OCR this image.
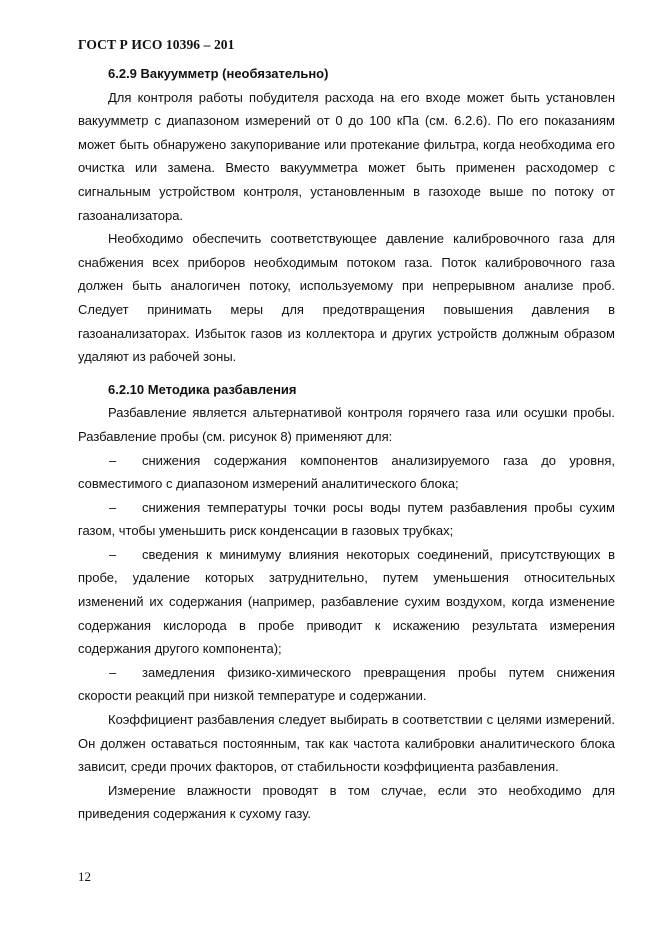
ГОСТ Р ИСО 10396 – 201

6.2.9 Вакуумметр (необязательно)

Для контроля работы побудителя расхода на его входе может быть установлен вакуумметр с диапазоном измерений от 0 до 100 кПа (см. 6.2.6). По его показаниям может быть обнаружено закупоривание или протекание фильтра, когда необходима его очистка или замена. Вместо вакуумметра может быть применен расходомер с сигнальным устройством контроля, установленным в газоходе выше по потоку от газоанализатора.

Необходимо обеспечить соответствующее давление калибровочного газа для снабжения всех приборов необходимым потоком газа. Поток калибровочного газа должен быть аналогичен потоку, используемому при непрерывном анализе проб. Следует принимать меры для предотвращения повышения давления в газоанализаторах. Избыток газов из коллектора и других устройств должным образом удаляют из рабочей зоны.

6.2.10 Методика разбавления

Разбавление является альтернативой контроля горячего газа или осушки пробы. Разбавление пробы (см. рисунок 8) применяют для:

– снижения содержания компонентов анализируемого газа до уровня, совместимого с диапазоном измерений аналитического блока;

– снижения температуры точки росы воды путем разбавления пробы сухим газом, чтобы уменьшить риск конденсации в газовых трубках;

– сведения к минимуму влияния некоторых соединений, присутствующих в пробе, удаление которых затруднительно, путем уменьшения относительных изменений их содержания (например, разбавление сухим воздухом, когда изменение содержания кислорода в пробе приводит к искажению результата измерения содержания другого компонента);

– замедления физико-химического превращения пробы путем снижения скорости реакций при низкой температуре и содержании.

Коэффициент разбавления следует выбирать в соответствии с целями измерений. Он должен оставаться постоянным, так как частота калибровки аналитического блока зависит, среди прочих факторов, от стабильности коэффициента разбавления.

Измерение влажности проводят в том случае, если это необходимо для приведения содержания к сухому газу.

12
